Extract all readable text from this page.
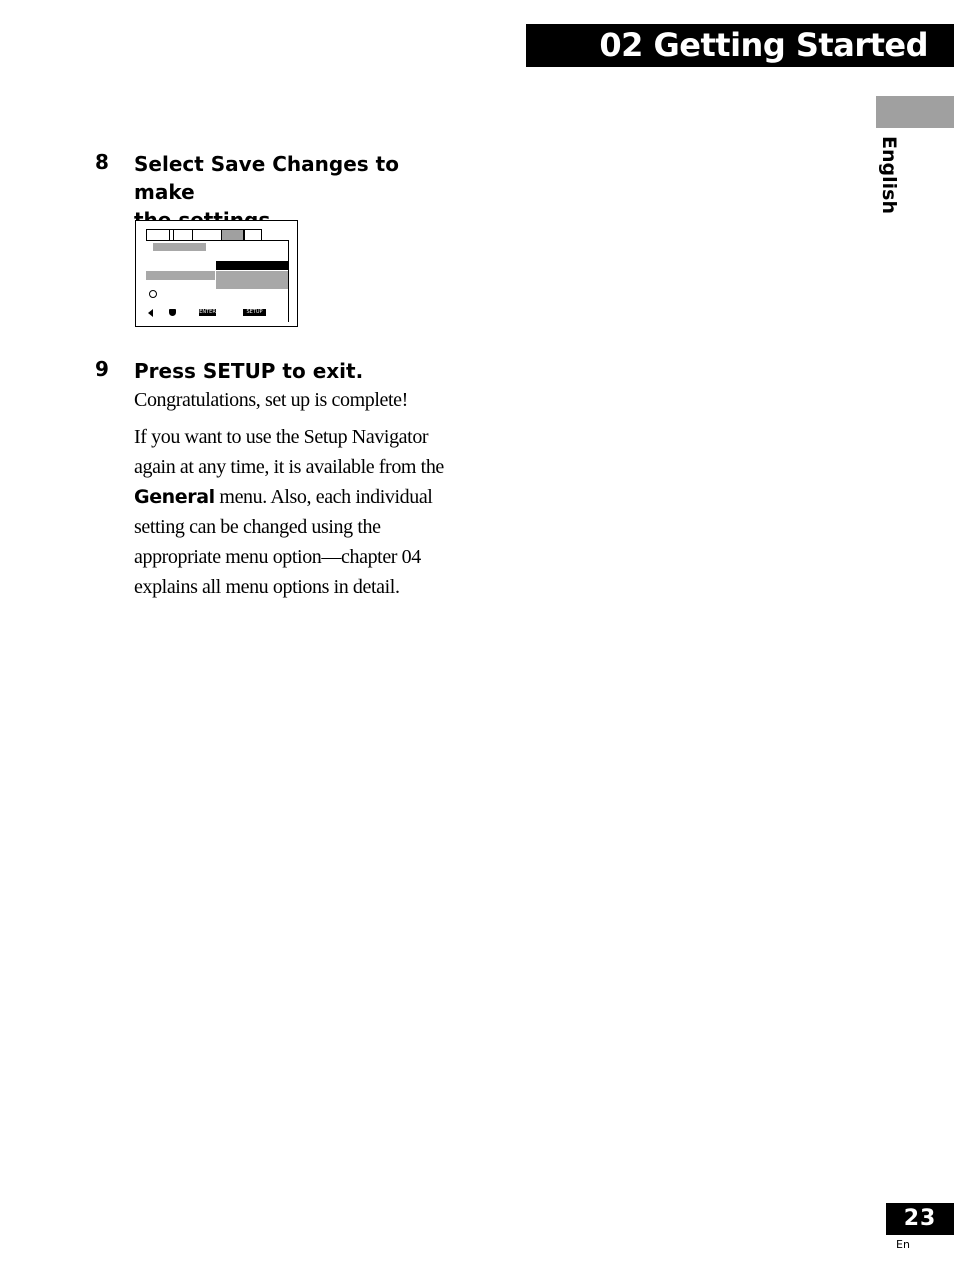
02 Getting Started
English
8 Select Save Changes to make
ENTER	SETUP
9 Press SETUP to exit.
Congratulations, set up is complete!
If you want to use the Setup Navigator
again at any time, it is available from the
General menu. Also, each individual
setting can be changed using the
appropriate menu option—chapter 04
explains all menu options in detail.
23
En
